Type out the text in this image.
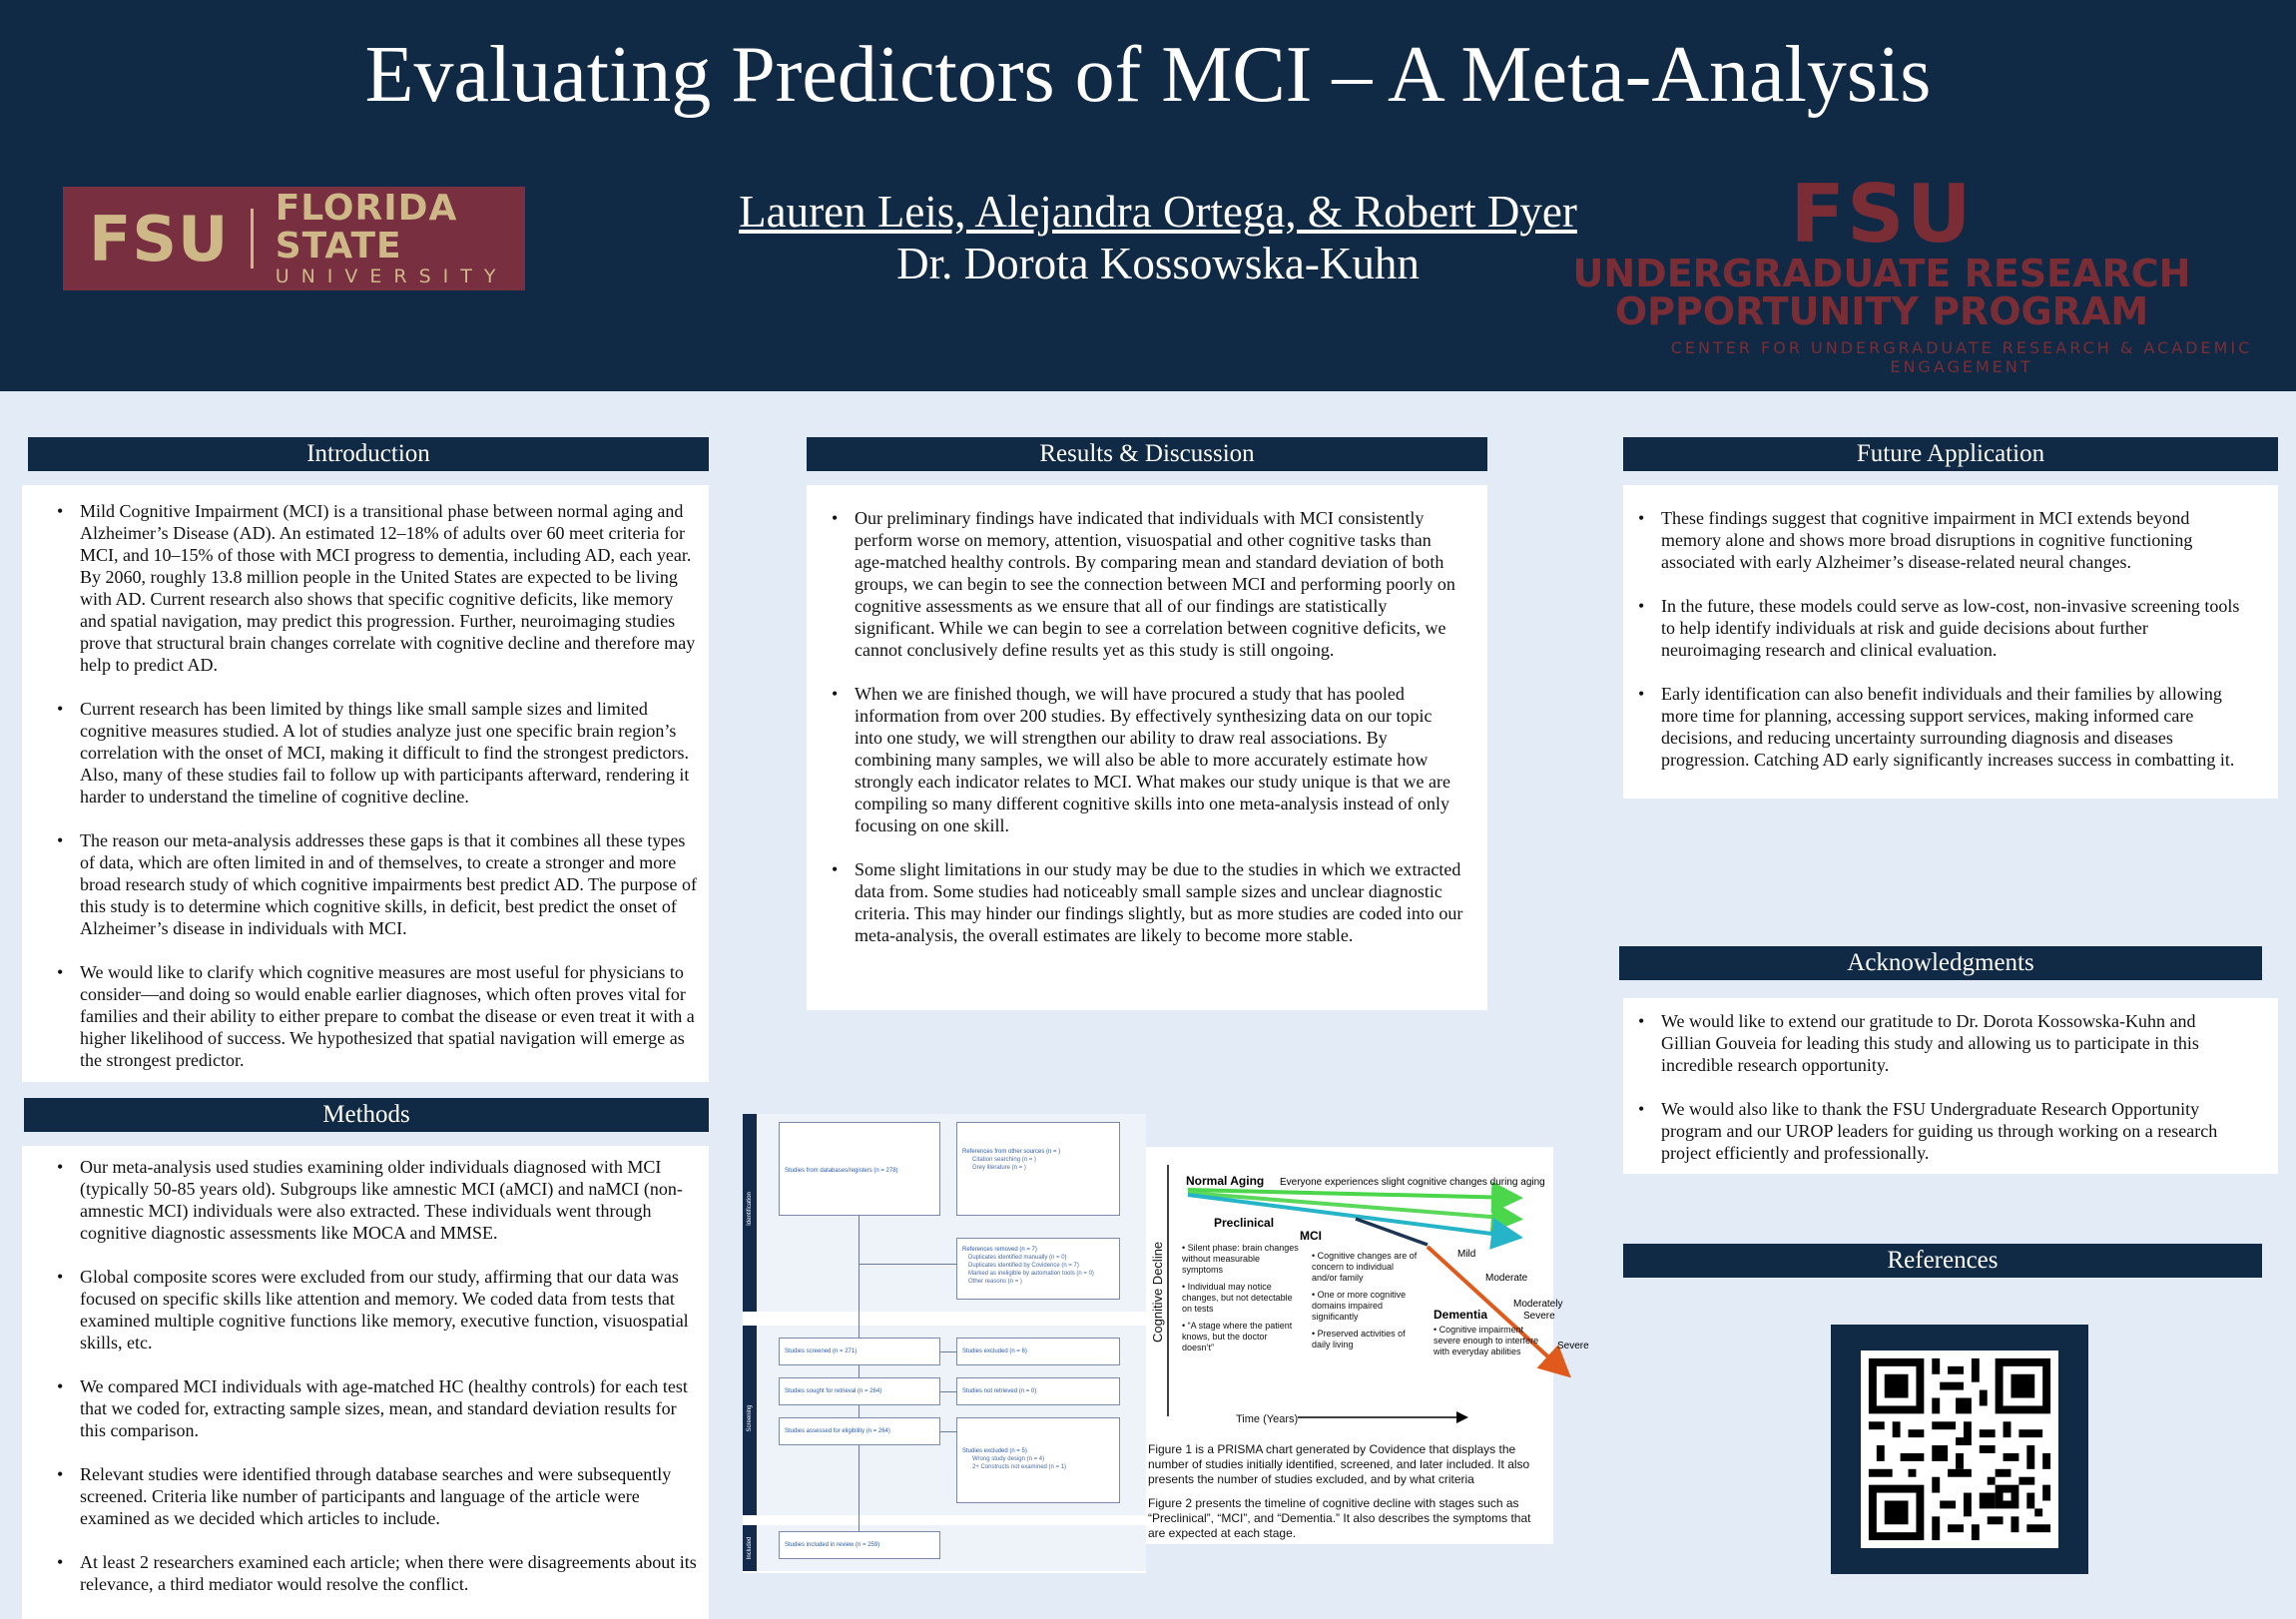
Evaluating Predictors of MCI – A Meta-Analysis
FSU FLORIDA STATE
UNIVERSITY
Lauren Leis, Alejandra Ortega, & Robert Dyer
Dr. Dorota Kossowska-Kuhn
FSU
UNDERGRADUATE RESEARCH
OPPORTUNITY PROGRAM
CENTER FOR UNDERGRADUATE RESEARCH & ACADEMIC ENGAGEMENT
Introduction
• Mild Cognitive Impairment (MCI) is a transitional phase between normal aging and Alzheimer’s Disease (AD). An estimated 12–18% of adults over 60 meet criteria for MCI, and 10–15% of those with MCI progress to dementia, including AD, each year. By 2060, roughly 13.8 million people in the United States are expected to be living with AD. Current research also shows that specific cognitive deficits, like memory and spatial navigation, may predict this progression. Further, neuroimaging studies prove that structural brain changes correlate with cognitive decline and therefore may help to predict AD.
• Current research has been limited by things like small sample sizes and limited cognitive measures studied. A lot of studies analyze just one specific brain region’s correlation with the onset of MCI, making it difficult to find the strongest predictors. Also, many of these studies fail to follow up with participants afterward, rendering it harder to understand the timeline of cognitive decline.
• The reason our meta-analysis addresses these gaps is that it combines all these types of data, which are often limited in and of themselves, to create a stronger and more broad research study of which cognitive impairments best predict AD. The purpose of this study is to determine which cognitive skills, in deficit, best predict the onset of Alzheimer’s disease in individuals with MCI.
• We would like to clarify which cognitive measures are most useful for physicians to consider—and doing so would enable earlier diagnoses, which often proves vital for families and their ability to either prepare to combat the disease or even treat it with a higher likelihood of success. We hypothesized that spatial navigation will emerge as the strongest predictor.
Methods
• Our meta-analysis used studies examining older individuals diagnosed with MCI (typically 50-85 years old). Subgroups like amnestic MCI (aMCI) and naMCI (non-amnestic MCI) individuals were also extracted. These individuals went through cognitive diagnostic assessments like MOCA and MMSE.
• Global composite scores were excluded from our study, affirming that our data was focused on specific skills like attention and memory. We coded data from tests that examined multiple cognitive functions like memory, executive function, visuospatial skills, etc.
• We compared MCI individuals with age-matched HC (healthy controls) for each test that we coded for, extracting sample sizes, mean, and standard deviation results for this comparison.
• Relevant studies were identified through database searches and were subsequently screened. Criteria like number of participants and language of the article were examined as we decided which articles to include.
• At least 2 researchers examined each article; when there were disagreements about its relevance, a third mediator would resolve the conflict.
Results & Discussion
• Our preliminary findings have indicated that individuals with MCI consistently perform worse on memory, attention, visuospatial and other cognitive tasks than age-matched healthy controls. By comparing mean and standard deviation of both groups, we can begin to see the connection between MCI and performing poorly on cognitive assessments as we ensure that all of our findings are statistically significant. While we can begin to see a correlation between cognitive deficits, we cannot conclusively define results yet as this study is still ongoing.
• When we are finished though, we will have procured a study that has pooled information from over 200 studies. By effectively synthesizing data on our topic into one study, we will strengthen our ability to draw real associations. By combining many samples, we will also be able to more accurately estimate how strongly each indicator relates to MCI. What makes our study unique is that we are compiling so many different cognitive skills into one meta-analysis instead of only focusing on one skill.
• Some slight limitations in our study may be due to the studies in which we extracted data from. Some studies had noticeably small sample sizes and unclear diagnostic criteria. This may hinder our findings slightly, but as more studies are coded into our meta-analysis, the overall estimates are likely to become more stable.
Future Application
• These findings suggest that cognitive impairment in MCI extends beyond memory alone and shows more broad disruptions in cognitive functioning associated with early Alzheimer’s disease-related neural changes.
• In the future, these models could serve as low-cost, non-invasive screening tools to help identify individuals at risk and guide decisions about further neuroimaging research and clinical evaluation.
• Early identification can also benefit individuals and their families by allowing more time for planning, accessing support services, making informed care decisions, and reducing uncertainty surrounding diagnosis and diseases progression. Catching AD early significantly increases success in combatting it.
Acknowledgments
• We would like to extend our gratitude to Dr. Dorota Kossowska-Kuhn and Gillian Gouveia for leading this study and allowing us to participate in this incredible research opportunity.
• We would also like to thank the FSU Undergraduate Research Opportunity program and our UROP leaders for guiding us through working on a research project efficiently and professionally.
References
Identification
Screening
Included
Studies from databases/registers (n = 278)
References from other sources (n = )
Citation searching (n = )
Grey literature (n = )
References removed (n = 7)
Duplicates identified manually (n = 0)
Duplicates identified by Covidence (n = 7)
Marked as ineligible by automation tools (n = 0)
Other reasons (n = )
Studies screened (n = 271)	Studies excluded (n = 6)
Studies sought for retrieval (n = 264)	Studies not retrieved (n = 0)
Studies assessed for eligibility (n = 264)
Studies excluded (n = 5)
Wrong study design (n = 4)
2+ Constructs not examined (n = 1)
Studies included in review (n = 259)
Cognitive Decline
Time (Years)
Normal Aging Everyone experiences slight cognitive changes during aging
Preclinical
MCI
Dementia
Mild
Moderate
Moderately
Severe
Severe
• Silent phase: brain changes without measurable symptoms
• Individual may notice changes, but not detectable on tests
• “A stage where the patient knows, but the doctor doesn’t”
• Cognitive changes are of concern to individual and/or family
• One or more cognitive domains impaired significantly
• Preserved activities of daily living
• Cognitive impairment severe enough to interfere with everyday abilities
Figure 1 is a PRISMA chart generated by Covidence that displays the number of studies initially identified, screened, and later included. It also presents the number of studies excluded, and by what criteria
Figure 2 presents the timeline of cognitive decline with stages such as “Preclinical”, “MCI”, and “Dementia.” It also describes the symptoms that are expected at each stage.
